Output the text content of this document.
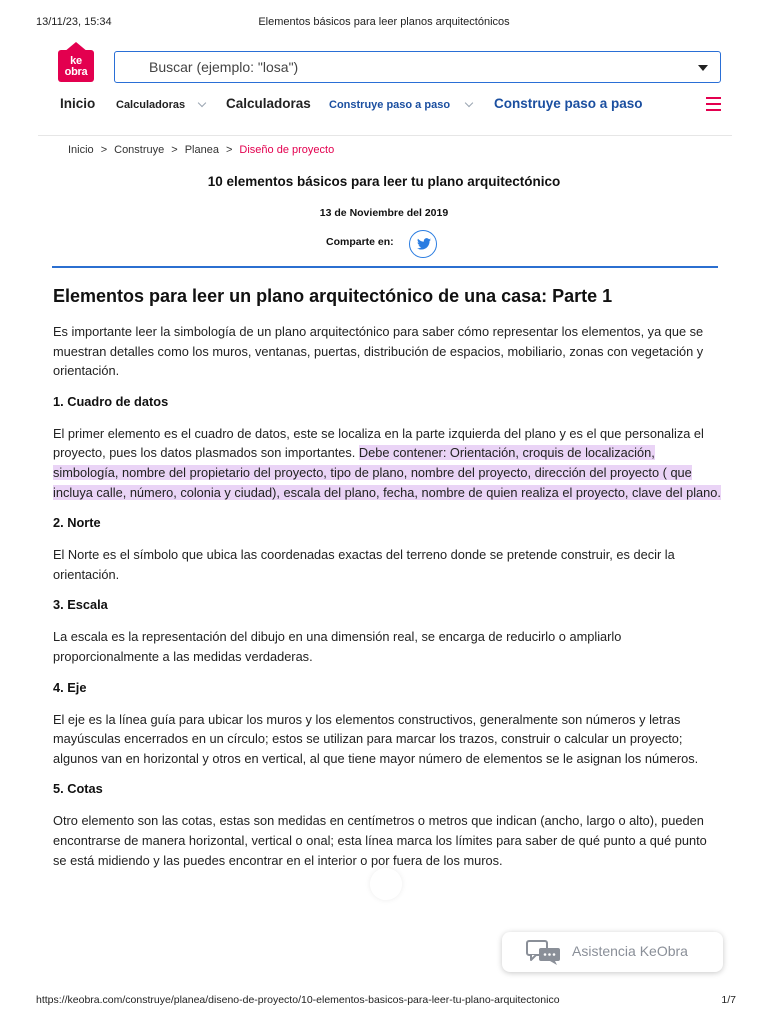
13/11/23, 15:34	Elementos básicos para leer planos arquitectónicos
ke
obra
Buscar (ejemplo: "losa")
Inicio Calculadoras	Calculadoras Construye paso a paso	Construye paso a paso
Inicio > Construye > Planea > Diseño de proyecto
10 elementos básicos para leer tu plano arquitectónico
13 de Noviembre del 2019
Comparte en:
Elementos para leer un plano arquitectónico de una casa: Parte 1

Es importante leer la simbología de un plano arquitectónico para saber cómo representar los elementos, ya que se muestran detalles como los muros, ventanas, puertas, distribución de espacios, mobiliario, zonas con vegetación y orientación.

1. Cuadro de datos

El primer elemento es el cuadro de datos, este se localiza en la parte izquierda del plano y es el que personaliza el proyecto, pues los datos plasmados son importantes. Debe contener: Orientación, croquis de localización, simbología, nombre del propietario del proyecto, tipo de plano, nombre del proyecto, dirección del proyecto ( que incluya calle, número, colonia y ciudad), escala del plano, fecha, nombre de quien realiza el proyecto, clave del plano.

2. Norte

El Norte es el símbolo que ubica las coordenadas exactas del terreno donde se pretende construir, es decir la orientación.

3. Escala

La escala es la representación del dibujo en una dimensión real, se encarga de reducirlo o ampliarlo proporcionalmente a las medidas verdaderas.

4. Eje

El eje es la línea guía para ubicar los muros y los elementos constructivos, generalmente son números y letras mayúsculas encerrados en un círculo; estos se utilizan para marcar los trazos, construir o calcular un proyecto; algunos van en horizontal y otros en vertical, al que tiene mayor número de elementos se le asignan los números.

5. Cotas

Otro elemento son las cotas, estas son medidas en centímetros o metros que indican (ancho, largo o alto), pueden encontrarse de manera horizontal, vertical o onal; esta línea marca los límites para saber de qué punto a qué punto se está midiendo y las puedes encontrar en el interior o por fuera de los muros.

Asistencia KeObra
https://keobra.com/construye/planea/diseno-de-proyecto/10-elementos-basicos-para-leer-tu-plano-arquitectonico	1/7
